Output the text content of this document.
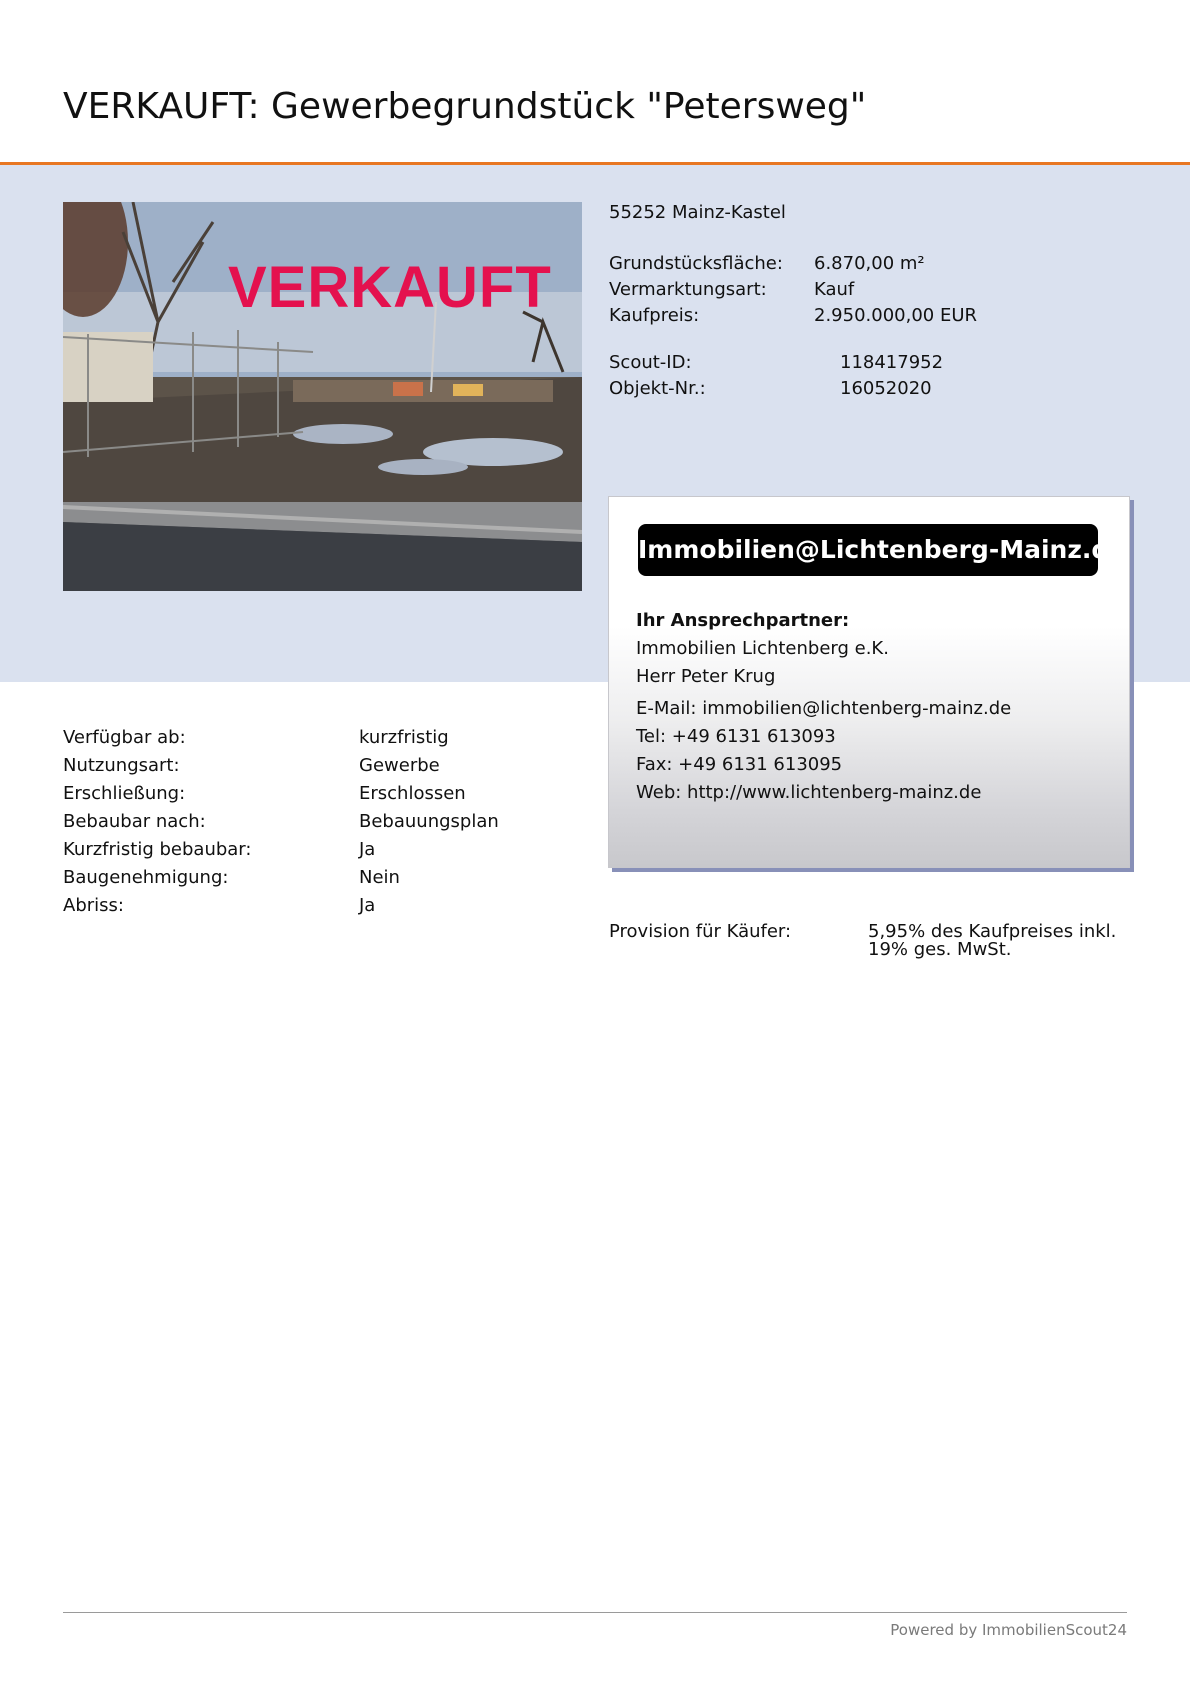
VERKAUFT: Gewerbegrundstück "Petersweg"
VERKAUFT
55252 Mainz-Kastel
Grundstücksfläche: 6.870,00 m²
Vermarktungsart:	Kauf
Kaufpreis:	2.950.000,00 EUR
Scout-ID:	118417952
Objekt-Nr.:	16052020
Immobilien@Lichtenberg-Mainz.de
Ihr Ansprechpartner:
Immobilien Lichtenberg e.K.
Herr Peter Krug
E-Mail: immobilien@lichtenberg-mainz.de
Tel: +49 6131 613093
Fax: +49 6131 613095
Web: http://www.lichtenberg-mainz.de
Verfügbar ab:	kurzfristig
Nutzungsart:	Gewerbe
Erschließung:	Erschlossen
Bebaubar nach:	Bebauungsplan
Kurzfristig bebaubar:	Ja
Baugenehmigung:	Nein
Abriss:	Ja
Provision für Käufer:	5,95% des Kaufpreises inkl. 19% ges. MwSt.
Powered by ImmobilienScout24
